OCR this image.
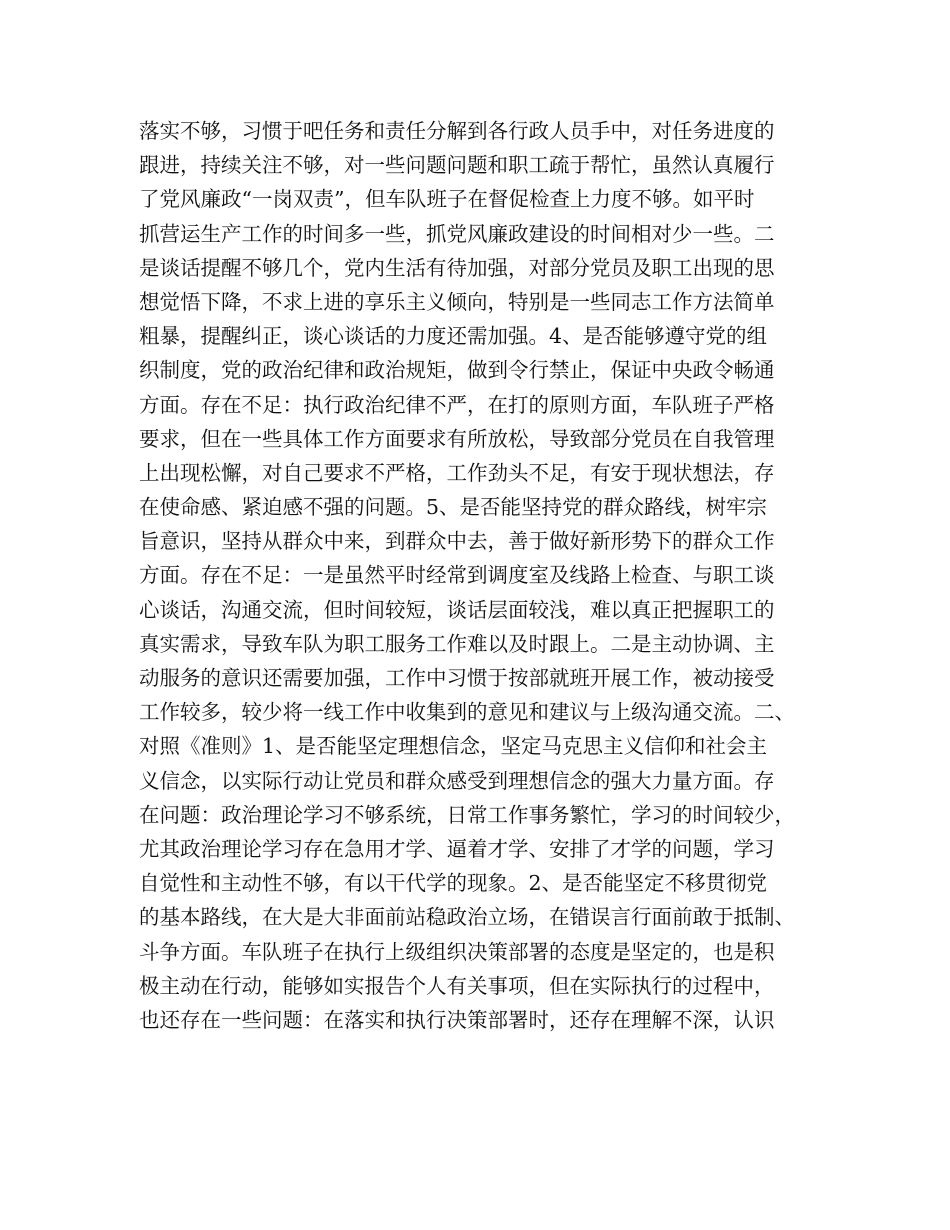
落实不够，习惯于吧任务和责任分解到各行政人员手中，对任务进度的
跟进，持续关注不够，对一些问题问题和职工疏于帮忙，虽然认真履行
了党风廉政“一岗双责”，但车队班子在督促检查上力度不够。如平时
抓营运生产工作的时间多一些，抓党风廉政建设的时间相对少一些。二
是谈话提醒不够几个，党内生活有待加强，对部分党员及职工出现的思
想觉悟下降，不求上进的享乐主义倾向，特别是一些同志工作方法简单
粗暴，提醒纠正，谈心谈话的力度还需加强。4、是否能够遵守党的组
织制度，党的政治纪律和政治规矩，做到令行禁止，保证中央政令畅通
方面。存在不足：执行政治纪律不严，在打的原则方面，车队班子严格
要求，但在一些具体工作方面要求有所放松，导致部分党员在自我管理
上出现松懈，对自己要求不严格，工作劲头不足，有安于现状想法，存
在使命感、紧迫感不强的问题。5、是否能坚持党的群众路线，树牢宗
旨意识，坚持从群众中来，到群众中去，善于做好新形势下的群众工作
方面。存在不足：一是虽然平时经常到调度室及线路上检查、与职工谈
心谈话，沟通交流，但时间较短，谈话层面较浅，难以真正把握职工的
真实需求，导致车队为职工服务工作难以及时跟上。二是主动协调、主
动服务的意识还需要加强，工作中习惯于按部就班开展工作，被动接受
工作较多，较少将一线工作中收集到的意见和建议与上级沟通交流。二、
对照《准则》1、是否能坚定理想信念，坚定马克思主义信仰和社会主
义信念，以实际行动让党员和群众感受到理想信念的强大力量方面。存
在问题：政治理论学习不够系统，日常工作事务繁忙，学习的时间较少，
尤其政治理论学习存在急用才学、逼着才学、安排了才学的问题，学习
自觉性和主动性不够，有以干代学的现象。2、是否能坚定不移贯彻党
的基本路线，在大是大非面前站稳政治立场，在错误言行面前敢于抵制、
斗争方面。车队班子在执行上级组织决策部署的态度是坚定的，也是积
极主动在行动，能够如实报告个人有关事项，但在实际执行的过程中，
也还存在一些问题：在落实和执行决策部署时，还存在理解不深，认识
